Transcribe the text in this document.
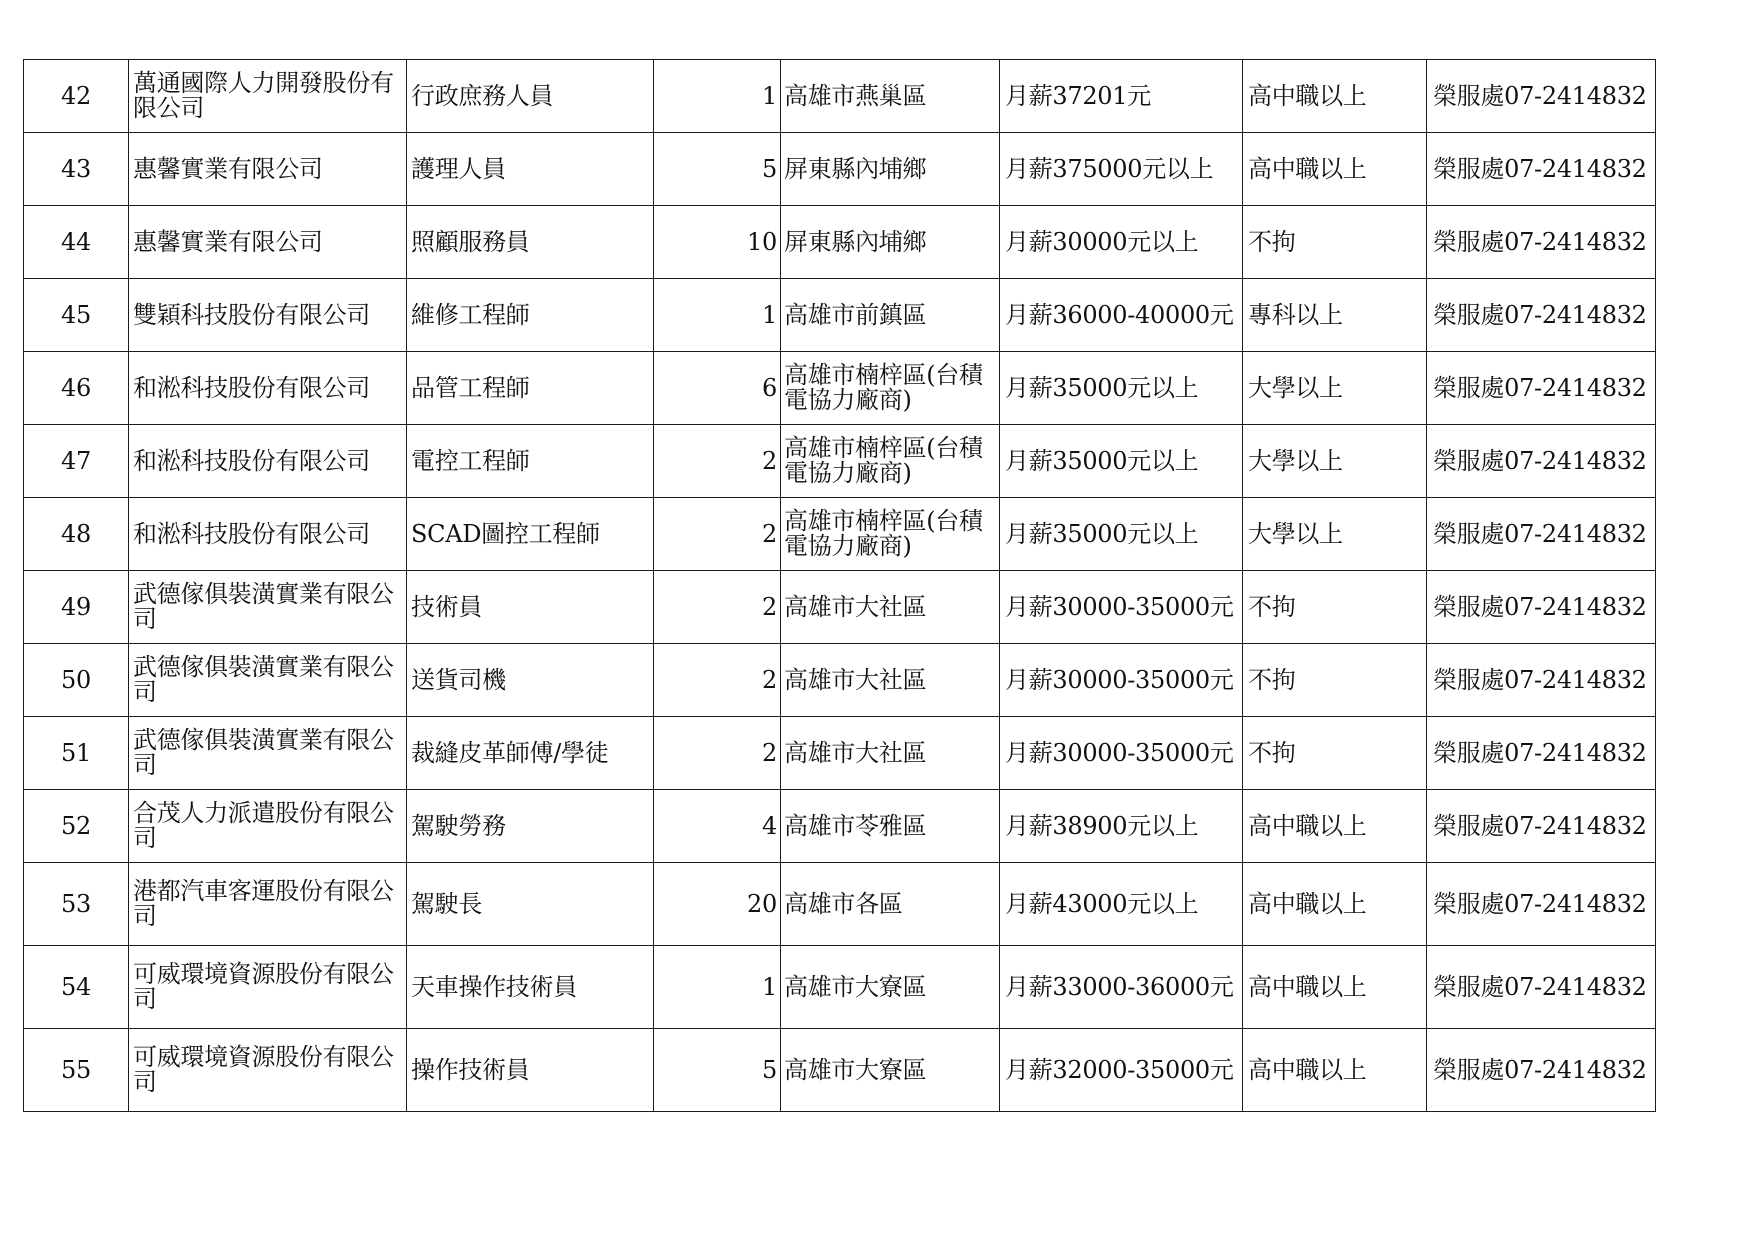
42	萬通國際人力開發股份有限公司	行政庶務人員	1	高雄市燕巢區	月薪37201元	高中職以上	榮服處07-2414832
43	惠馨實業有限公司	護理人員	5	屏東縣內埔鄉	月薪375000元以上	高中職以上	榮服處07-2414832
44	惠馨實業有限公司	照顧服務員	10	屏東縣內埔鄉	月薪30000元以上	不拘	榮服處07-2414832
45	雙穎科技股份有限公司	維修工程師	1	高雄市前鎮區	月薪36000-40000元	專科以上	榮服處07-2414832
46	和淞科技股份有限公司	品管工程師	6	高雄市楠梓區(台積電協力廠商)	月薪35000元以上	大學以上	榮服處07-2414832
47	和淞科技股份有限公司	電控工程師	2	高雄市楠梓區(台積電協力廠商)	月薪35000元以上	大學以上	榮服處07-2414832
48	和淞科技股份有限公司	SCAD圖控工程師	2	高雄市楠梓區(台積電協力廠商)	月薪35000元以上	大學以上	榮服處07-2414832
49	武德傢俱裝潢實業有限公司	技術員	2	高雄市大社區	月薪30000-35000元	不拘	榮服處07-2414832
50	武德傢俱裝潢實業有限公司	送貨司機	2	高雄市大社區	月薪30000-35000元	不拘	榮服處07-2414832
51	武德傢俱裝潢實業有限公司	裁縫皮革師傅/學徒	2	高雄市大社區	月薪30000-35000元	不拘	榮服處07-2414832
52	合茂人力派遣股份有限公司	駕駛勞務	4	高雄市苓雅區	月薪38900元以上	高中職以上	榮服處07-2414832
53	港都汽車客運股份有限公司	駕駛長	20	高雄市各區	月薪43000元以上	高中職以上	榮服處07-2414832
54	可威環境資源股份有限公司	天車操作技術員	1	高雄市大寮區	月薪33000-36000元	高中職以上	榮服處07-2414832
55	可威環境資源股份有限公司	操作技術員	5	高雄市大寮區	月薪32000-35000元	高中職以上	榮服處07-2414832
